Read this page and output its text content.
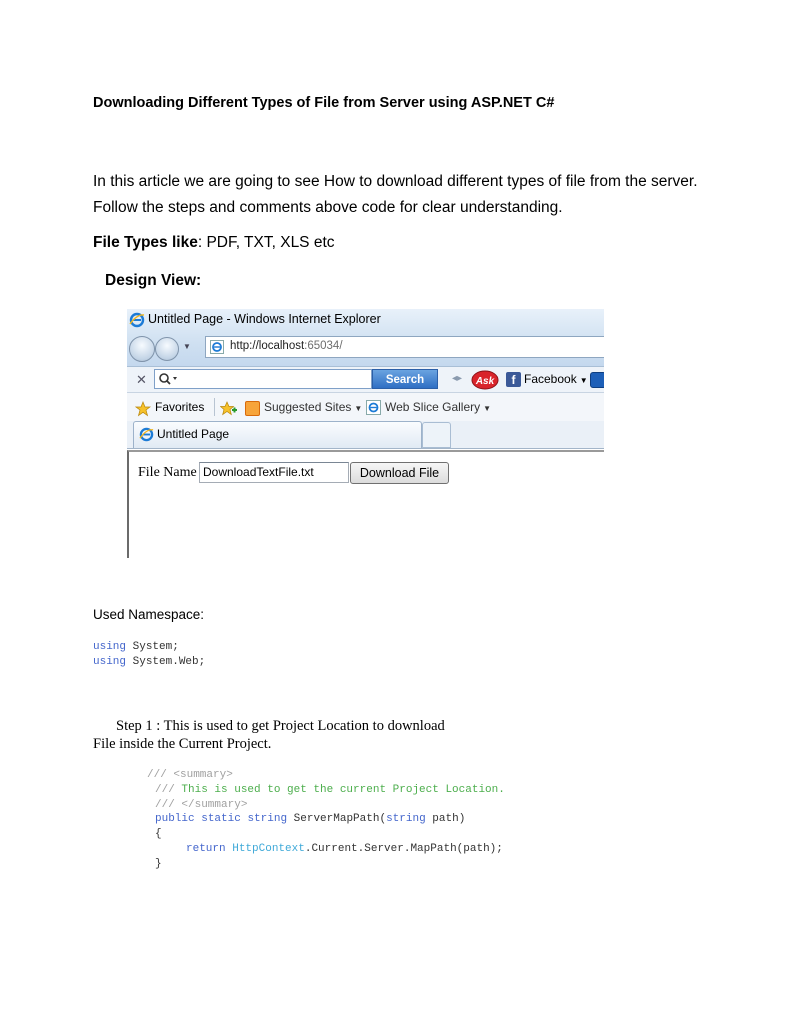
Downloading Different Types of File from Server using ASP.NET C#
In this article we are going to see How to download different types of file from the server. Follow the steps and comments above code for clear understanding.
File Types like: PDF, TXT, XLS etc
Design View:
Untitled Page - Windows Internet Explorer
▼	http://localhost:65034/
✕	Search	◂▸ Ask	f Facebook ▼
Favorites	Suggested Sites ▼ Web Slice Gallery ▼
Untitled Page
File Name DownloadTextFile.txt	Download File
Used Namespace:
using System;
using System.Web;
Step 1 : This is used to get Project Location to download
File inside the Current Project.
/// <summary>
/// This is used to get the current Project Location.
/// </summary>
public static string ServerMapPath(string path)
{
return HttpContext.Current.Server.MapPath(path);
}
